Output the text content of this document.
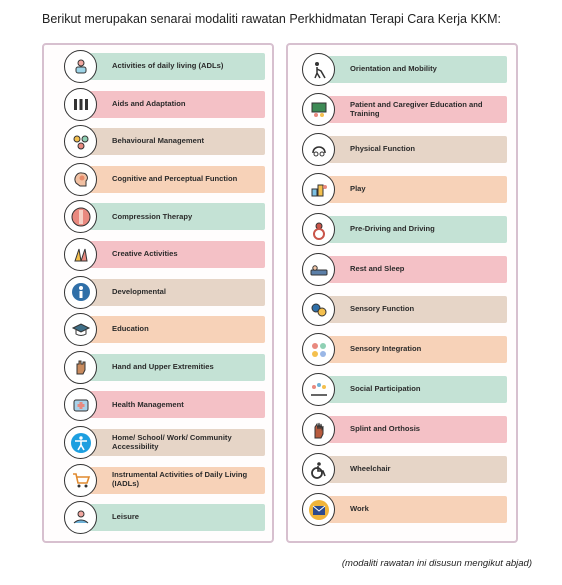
Berikut merupakan senarai modaliti rawatan Perkhidmatan Terapi Cara Kerja KKM:
Activities of daily living (ADLs)
Aids and Adaptation
Behavioural Management
Cognitive and Perceptual Function
Compression Therapy
Creative Activities
Developmental
Education
Hand and Upper Extremities
Health Management
Home/ School/ Work/ Community Accessibility
Instrumental Activities of Daily Living (IADLs)
Leisure
Orientation and Mobility
Patient and Caregiver Education and Training
Physical Function
Play
Pre-Driving and Driving
Rest and Sleep
Sensory Function
Sensory Integration
Social Participation
Splint and Orthosis
Wheelchair
Work
(modaliti rawatan ini disusun mengikut abjad)
